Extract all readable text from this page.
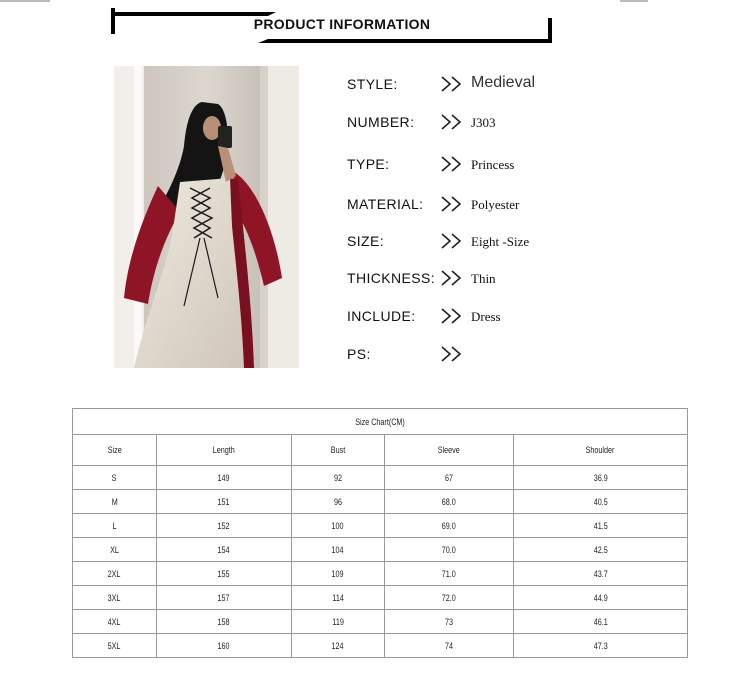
PRODUCT INFORMATION
STYLE:	Medieval
NUMBER:	J303
TYPE:	Princess
MATERIAL:	Polyester
SIZE:	Eight -Size
THICKNESS:	Thin
INCLUDE:	Dress
PS:
Size Chart(CM)				
Size	Length	Bust	Sleeve	Shoulder
S	149	92	67	36.9
M	151	96	68.0	40.5
L	152	100	69.0	41.5
XL	154	104	70.0	42.5
2XL	155	109	71.0	43.7
3XL	157	114	72.0	44.9
4XL	158	119	73	46.1
5XL	160	124	74	47.3
